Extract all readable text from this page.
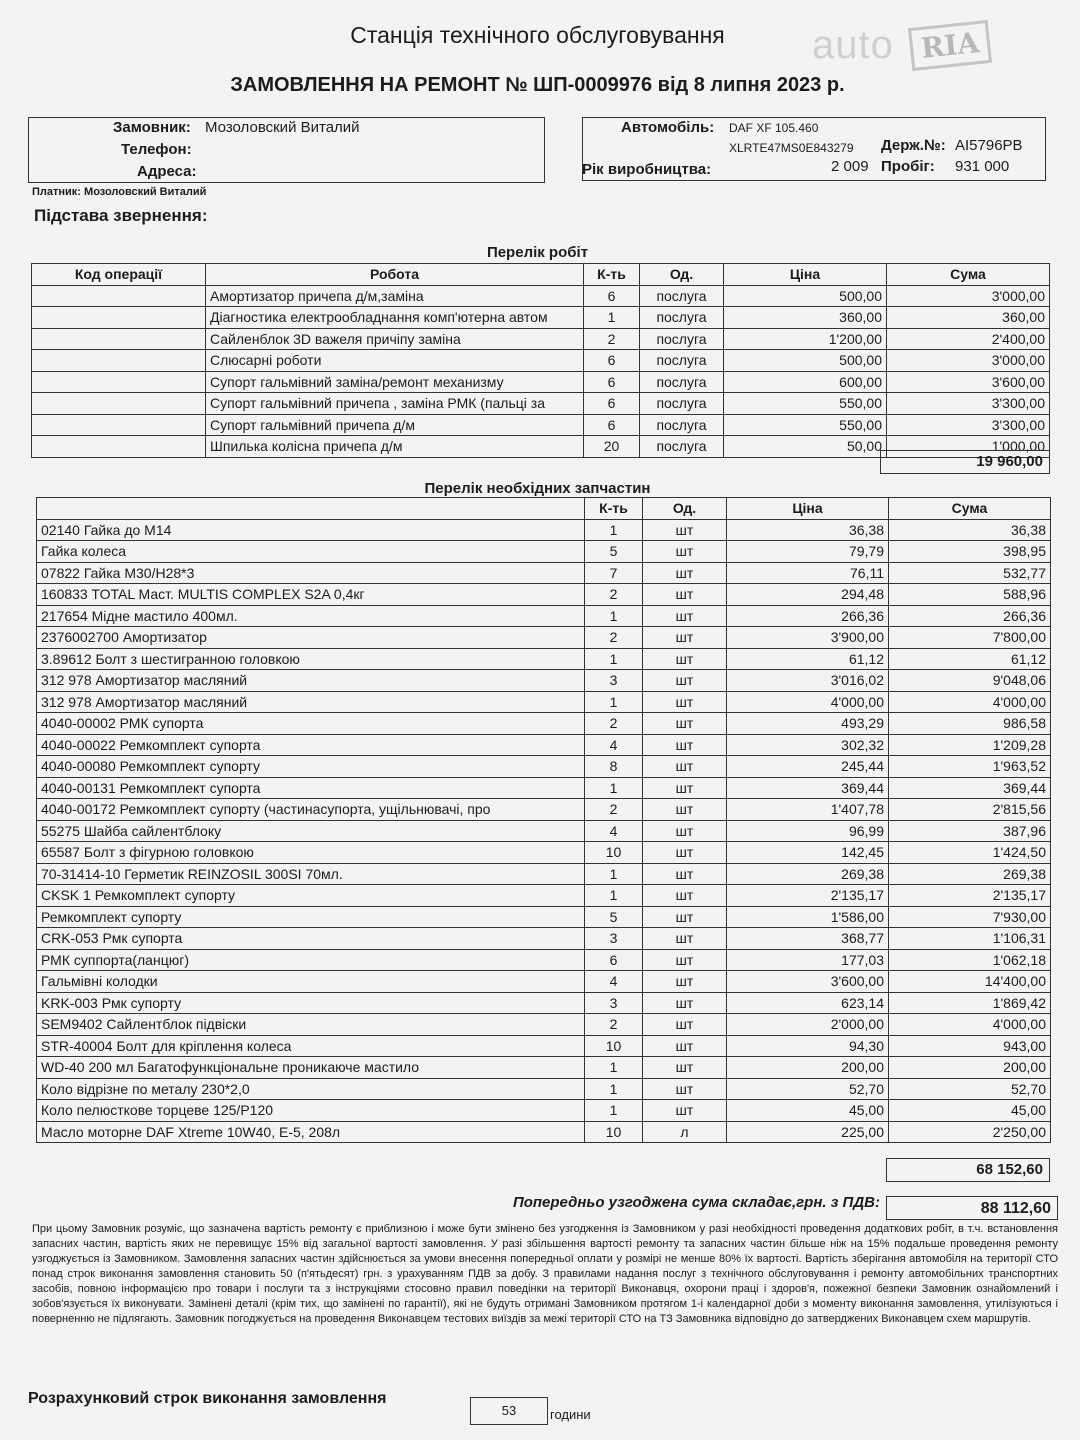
auto RIA
Станція технічного обслуговування
ЗАМОВЛЕННЯ НА РЕМОНТ № ШП-0009976 від 8 липня 2023 р.
Замовник: Мозоловский Виталий
Телефон:
Адреса:
Автомобіль: DAF XF 105.460
XLRTE47MS0E843279 Держ.№: AI5796PB
Рік виробництва:	2 009 Пробіг: 931 000
Платник: Мозоловский Виталий
Підстава звернення:
Перелік робіт
Код операції	Робота	К-ть	Од.	Ціна	Сума
	Амортизатор причепа д/м,заміна	6	послуга	500,00	3'000,00
	Діагностика електрообладнання комп'ютерна автом	1	послуга	360,00	360,00
	Сайленблок 3D важеля причіпу заміна	2	послуга	1'200,00	2'400,00
	Слюсарні роботи	6	послуга	500,00	3'000,00
	Супорт гальмівний заміна/ремонт механизму	6	послуга	600,00	3'600,00
	Супорт гальмівний причепа , заміна РМК (пальці за	6	послуга	550,00	3'300,00
	Супорт гальмівний причепа д/м	6	послуга	550,00	3'300,00
	Шпилька колісна причепа д/м	20	послуга	50,00	1'000,00
19 960,00
Перелік необхідних запчастин
	К-ть	Од.	Ціна	Сума
02140 Гайка до М14	1	шт	36,38	36,38
Гайка колеса	5	шт	79,79	398,95
07822 Гайка М30/Н28*3	7	шт	76,11	532,77
160833 TOTAL Маст. MULTIS COMPLEX S2A 0,4кг	2	шт	294,48	588,96
217654 Мідне мастило 400мл.	1	шт	266,36	266,36
2376002700 Амортизатор	2	шт	3'900,00	7'800,00
3.89612 Болт з шестигранною головкою	1	шт	61,12	61,12
312 978 Амортизатор масляний	3	шт	3'016,02	9'048,06
312 978 Амортизатор масляний	1	шт	4'000,00	4'000,00
4040-00002 РМК супорта	2	шт	493,29	986,58
4040-00022 Ремкомплект супорта	4	шт	302,32	1'209,28
4040-00080 Ремкомплект супорту	8	шт	245,44	1'963,52
4040-00131 Ремкомплект супорта	1	шт	369,44	369,44
4040-00172 Ремкомплект супорту (частинасупорта, ущільнювачі, про	2	шт	1'407,78	2'815,56
55275 Шайба сайлентблоку	4	шт	96,99	387,96
65587 Болт з фігурною головкою	10	шт	142,45	1'424,50
70-31414-10 Герметик REINZOSIL 300SI 70мл.	1	шт	269,38	269,38
CKSK 1 Ремкомплект супорту	1	шт	2'135,17	2'135,17
Ремкомплект супорту	5	шт	1'586,00	7'930,00
CRK-053 Рмк супорта	3	шт	368,77	1'106,31
РМК суппорта(ланцюг)	6	шт	177,03	1'062,18
Гальмівні колодки	4	шт	3'600,00	14'400,00
KRK-003 Рмк супорту	3	шт	623,14	1'869,42
SEM9402 Сайлентблок підвіски	2	шт	2'000,00	4'000,00
STR-40004 Болт для кріплення колеса	10	шт	94,30	943,00
WD-40 200 мл Багатофункціональне проникаюче мастило	1	шт	200,00	200,00
Коло відрізне по металу 230*2,0	1	шт	52,70	52,70
Коло пелюсткове торцеве 125/Р120	1	шт	45,00	45,00
Масло моторне DAF Xtreme 10W40, E-5, 208л	10	л	225,00	2'250,00
68 152,60
Попередньо узгоджена сума складає,грн. з ПДВ:	88 112,60
При цьому Замовник розуміє, що зазначена вартість ремонту є приблизною і може бути змінено без узгодження із Замовником у разі необхідності проведення додаткових робіт, в т.ч. встановлення запасних частин, вартість яких не перевищує 15% від загальної вартості замовлення. У разі збільшення вартості ремонту та запасних частин більше ніж на 15% подальше проведення ремонту узгоджується із Замовником. Замовлення запасних частин здійснюється за умови внесення попередньої оплати у розмірі не менше 80% їх вартості. Вартість зберігання автомобіля на території СТО понад строк виконання замовлення становить 50 (п'ятьдесят) грн. з урахуванням ПДВ за добу. З правилами надання послуг з технічного обслуговування і ремонту автомобільних транспортних засобів, повною інформацією про товари і послуги та з інструкціями стосовно правил поведінки на території Виконавця, охорони праці і здоров'я, пожежної безпеки Замовник ознайомлений і зобов'язується їх виконувати. Замінені деталі (крім тих, що замінені по гарантії), які не будуть отримані Замовником протягом 1-і календарної доби з моменту виконання замовлення, утилізуються і поверненню не підлягають. Замовник погоджується на проведення Виконавцем тестових виїздів за межі території СТО на ТЗ Замовника відповідно до затверджених Виконавцем схем маршрутів.
Розрахунковий строк виконання замовлення
53	години
